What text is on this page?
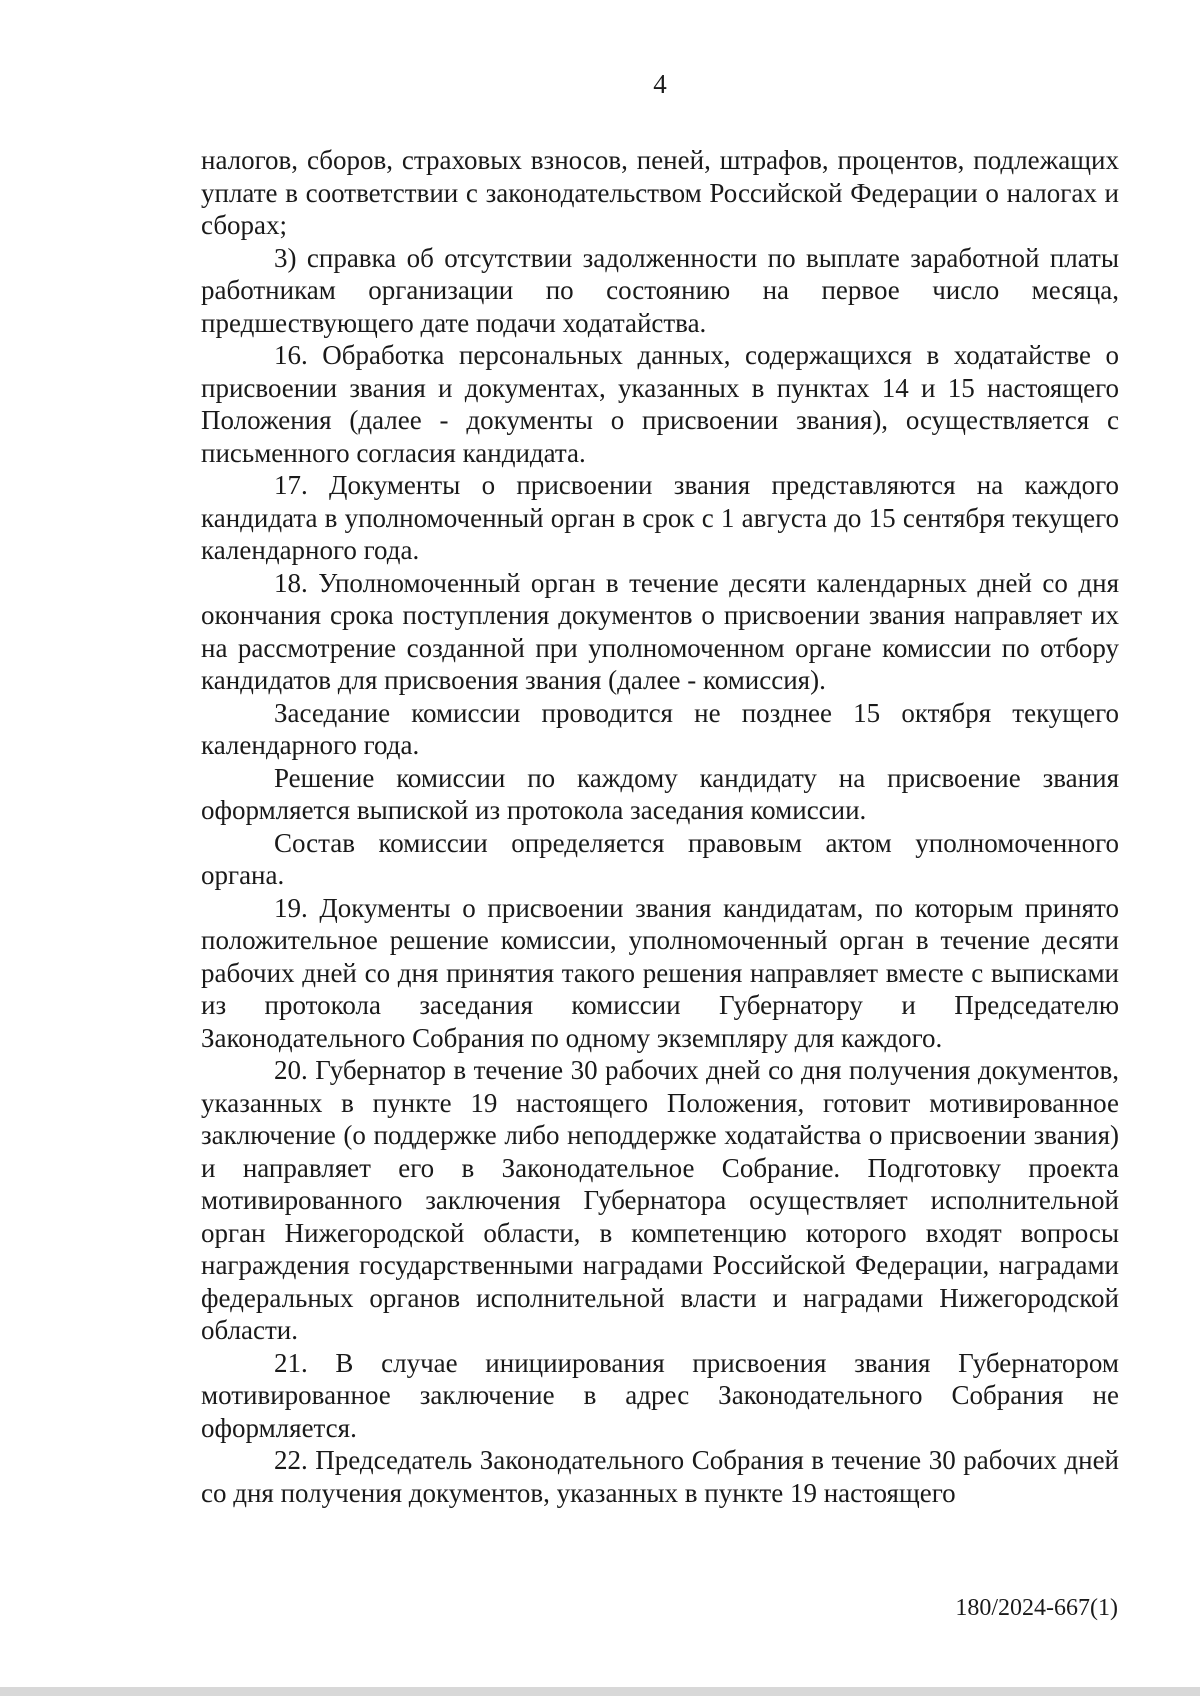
4

налогов, сборов, страховых взносов, пеней, штрафов, процентов, подлежащих уплате в соответствии с законодательством Российской Федерации о налогах и сборах;

3) справка об отсутствии задолженности по выплате заработной платы работникам организации по состоянию на первое число месяца, предшествующего дате подачи ходатайства.

16. Обработка персональных данных, содержащихся в ходатайстве о присвоении звания и документах, указанных в пунктах 14 и 15 настоящего Положения (далее - документы о присвоении звания), осуществляется с письменного согласия кандидата.

17. Документы о присвоении звания представляются на каждого кандидата в уполномоченный орган в срок с 1 августа до 15 сентября текущего календарного года.

18. Уполномоченный орган в течение десяти календарных дней со дня окончания срока поступления документов о присвоении звания направляет их на рассмотрение созданной при уполномоченном органе комиссии по отбору кандидатов для присвоения звания (далее - комиссия).

Заседание комиссии проводится не позднее 15 октября текущего календарного года.

Решение комиссии по каждому кандидату на присвоение звания оформляется выпиской из протокола заседания комиссии.

Состав комиссии определяется правовым актом уполномоченного органа.

19. Документы о присвоении звания кандидатам, по которым принято положительное решение комиссии, уполномоченный орган в течение десяти рабочих дней со дня принятия такого решения направляет вместе с выписками из протокола заседания комиссии Губернатору и Председателю Законодательного Собрания по одному экземпляру для каждого.

20. Губернатор в течение 30 рабочих дней со дня получения документов, указанных в пункте 19 настоящего Положения, готовит мотивированное заключение (о поддержке либо неподдержке ходатайства о присвоении звания) и направляет его в Законодательное Собрание. Подготовку проекта мотивированного заключения Губернатора осуществляет исполнительной орган Нижегородской области, в компетенцию которого входят вопросы награждения государственными наградами Российской Федерации, наградами федеральных органов исполнительной власти и наградами Нижегородской области.

21. В случае инициирования присвоения звания Губернатором мотивированное заключение в адрес Законодательного Собрания не оформляется.

22. Председатель Законодательного Собрания в течение 30 рабочих дней со дня получения документов, указанных в пункте 19 настоящего

180/2024-667(1)
